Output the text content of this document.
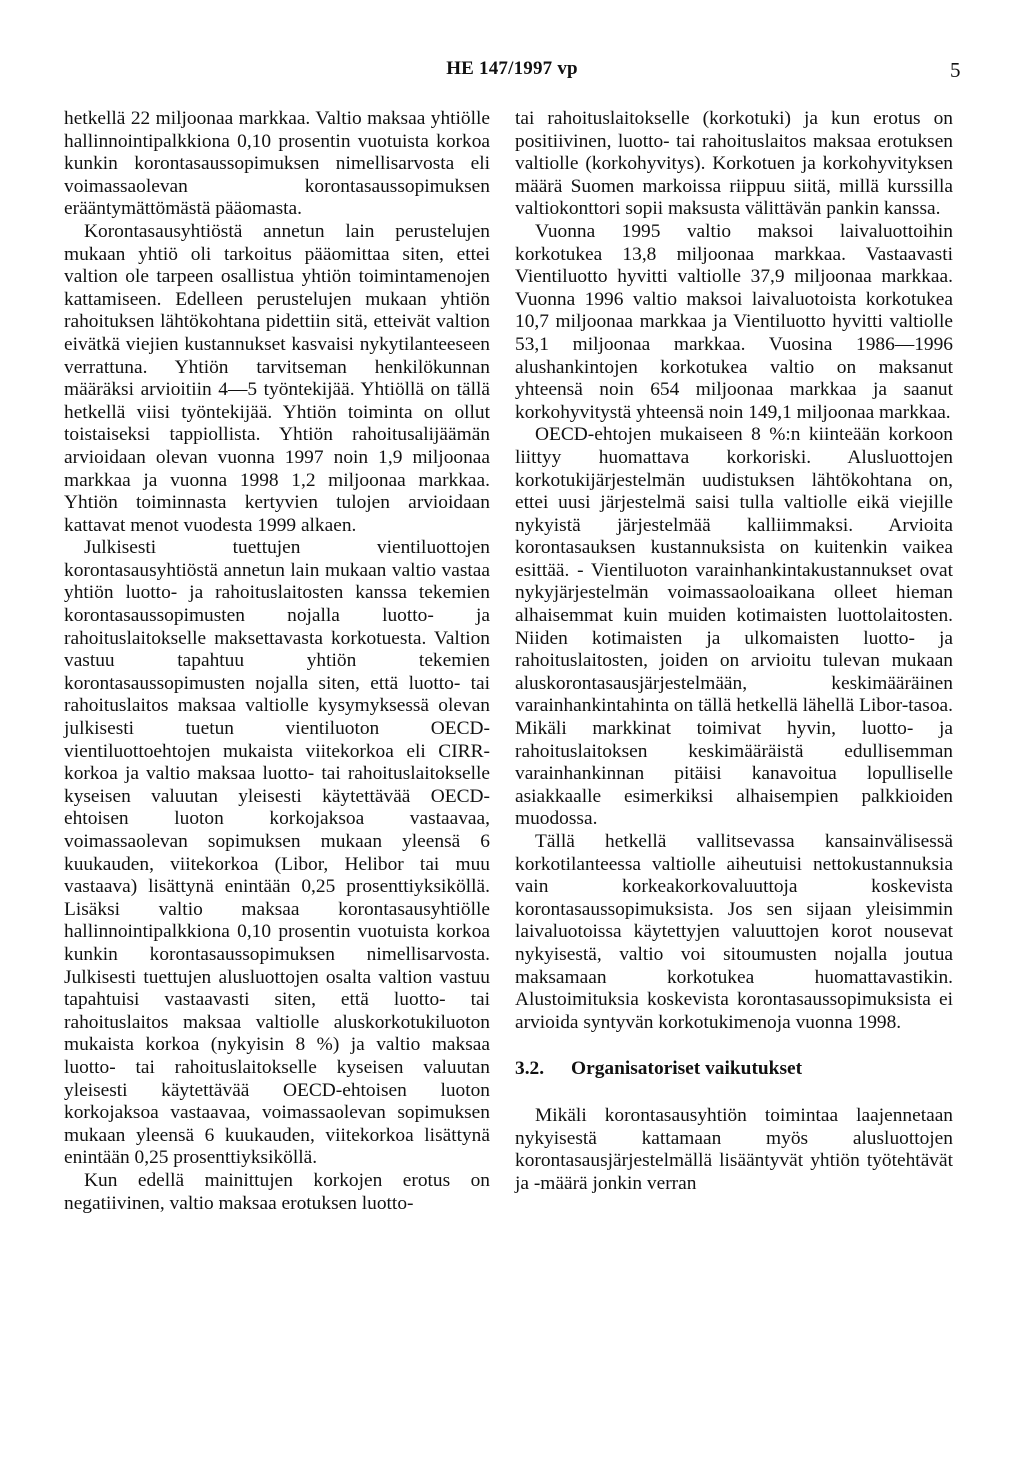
HE 147/1997 vp	5

hetkellä 22 miljoonaa markkaa. Valtio maksaa yhtiölle hallinnointipalkkiona 0,10 prosentin vuotuista korkoa kunkin korontasaussopimuksen nimellisarvosta eli voimassaolevan korontasaussopimuksen erääntymättömästä pääomasta.

Korontasausyhtiöstä annetun lain perustelujen mukaan yhtiö oli tarkoitus pääomittaa siten, ettei valtion ole tarpeen osallistua yhtiön toimintamenojen kattamiseen. Edelleen perustelujen mukaan yhtiön rahoituksen lähtökohtana pidettiin sitä, etteivät valtion eivätkä viejien kustannukset kasvaisi nykytilanteeseen verrattuna. Yhtiön tarvitseman henkilökunnan määräksi arvioitiin 4—5 työntekijää. Yhtiöllä on tällä hetkellä viisi työntekijää. Yhtiön toiminta on ollut toistaiseksi tappiollista. Yhtiön rahoitusalijäämän arvioidaan olevan vuonna 1997 noin 1,9 miljoonaa markkaa ja vuonna 1998 1,2 miljoonaa markkaa. Yhtiön toiminnasta kertyvien tulojen arvioidaan kattavat menot vuodesta 1999 alkaen.

Julkisesti tuettujen vientiluottojen korontasausyhtiöstä annetun lain mukaan valtio vastaa yhtiön luotto- ja rahoituslaitosten kanssa tekemien korontasaussopimusten nojalla luotto- ja rahoituslaitokselle maksettavasta korkotuesta. Valtion vastuu tapahtuu yhtiön tekemien korontasaussopimusten nojalla siten, että luotto- tai rahoituslaitos maksaa valtiolle kysymyksessä olevan julkisesti tuetun vientiluoton OECD- vientiluottoehtojen mukaista viitekorkoa eli CIRR-korkoa ja valtio maksaa luotto- tai rahoituslaitokselle kyseisen valuutan yleisesti käytettävää OECD-ehtoisen luoton korkojaksoa vastaavaa, voimassaolevan sopimuksen mukaan yleensä 6 kuukauden, viitekorkoa (Libor, Helibor tai muu vastaava) lisättynä enintään 0,25 prosenttiyksiköllä. Lisäksi valtio maksaa korontasausyhtiölle hallinnointipalkkiona 0,10 prosentin vuotuista korkoa kunkin korontasaussopimuksen nimellisarvosta. Julkisesti tuettujen alusluottojen osalta valtion vastuu tapahtuisi vastaavasti siten, että luotto- tai rahoituslaitos maksaa valtiolle aluskorkotukiluoton mukaista korkoa (nykyisin 8 %) ja valtio maksaa luotto- tai rahoituslaitokselle kyseisen valuutan yleisesti käytettävää OECD-ehtoisen luoton korkojaksoa vastaavaa, voimassaolevan sopimuksen mukaan yleensä 6 kuukauden, viitekorkoa lisättynä enintään 0,25 prosenttiyksiköllä.

Kun edellä mainittujen korkojen erotus on negatiivinen, valtio maksaa erotuksen luotto-

tai rahoituslaitokselle (korkotuki) ja kun erotus on positiivinen, luotto- tai rahoituslaitos maksaa erotuksen valtiolle (korkohyvitys). Korkotuen ja korkohyvityksen määrä Suomen markoissa riippuu siitä, millä kurssilla valtiokonttori sopii maksusta välittävän pankin kanssa.

Vuonna 1995 valtio maksoi laivaluottoihin korkotukea 13,8 miljoonaa markkaa. Vastaavasti Vientiluotto hyvitti valtiolle 37,9 miljoonaa markkaa. Vuonna 1996 valtio maksoi laivaluotoista korkotukea 10,7 miljoonaa markkaa ja Vientiluotto hyvitti valtiolle 53,1 miljoonaa markkaa. Vuosina 1986—1996 alushankintojen korkotukea valtio on maksanut yhteensä noin 654 miljoonaa markkaa ja saanut korkohyvitystä yhteensä noin 149,1 miljoonaa markkaa.

OECD-ehtojen mukaiseen 8 %:n kiinteään korkoon liittyy huomattava korkoriski. Alusluottojen korkotukijärjestelmän uudistuksen lähtökohtana on, ettei uusi järjestelmä saisi tulla valtiolle eikä viejille nykyistä järjestelmää kalliimmaksi. Arvioita korontasauksen kustannuksista on kuitenkin vaikea esittää. - Vientiluoton varainhankintakustannukset ovat nykyjärjestelmän voimassaoloaikana olleet hieman alhaisemmat kuin muiden kotimaisten luottolaitosten. Niiden kotimaisten ja ulkomaisten luotto- ja rahoituslaitosten, joiden on arvioitu tulevan mukaan aluskorontasausjärjestelmään, keskimääräinen varainhankintahinta on tällä hetkellä lähellä Libor-tasoa. Mikäli markkinat toimivat hyvin, luotto- ja rahoituslaitoksen keskimääräistä edullisemman varainhankinnan pitäisi kanavoitua lopulliselle asiakkaalle esimerkiksi alhaisempien palkkioiden muodossa.

Tällä hetkellä vallitsevassa kansainvälisessä korkotilanteessa valtiolle aiheutuisi nettokustannuksia vain korkeakorkovaluuttoja koskevista korontasaussopimuksista. Jos sen sijaan yleisimmin laivaluotoissa käytettyjen valuuttojen korot nousevat nykyisestä, valtio voi sitoumusten nojalla joutua maksamaan korkotukea huomattavastikin. Alustoimituksia koskevista korontasaussopimuksista ei arvioida syntyvän korkotukimenoja vuonna 1998.

3.2. Organisatoriset vaikutukset

Mikäli korontasausyhtiön toimintaa laajennetaan nykyisestä kattamaan myös alusluottojen korontasausjärjestelmällä lisääntyvät yhtiön työtehtävät ja -määrä jonkin verran
